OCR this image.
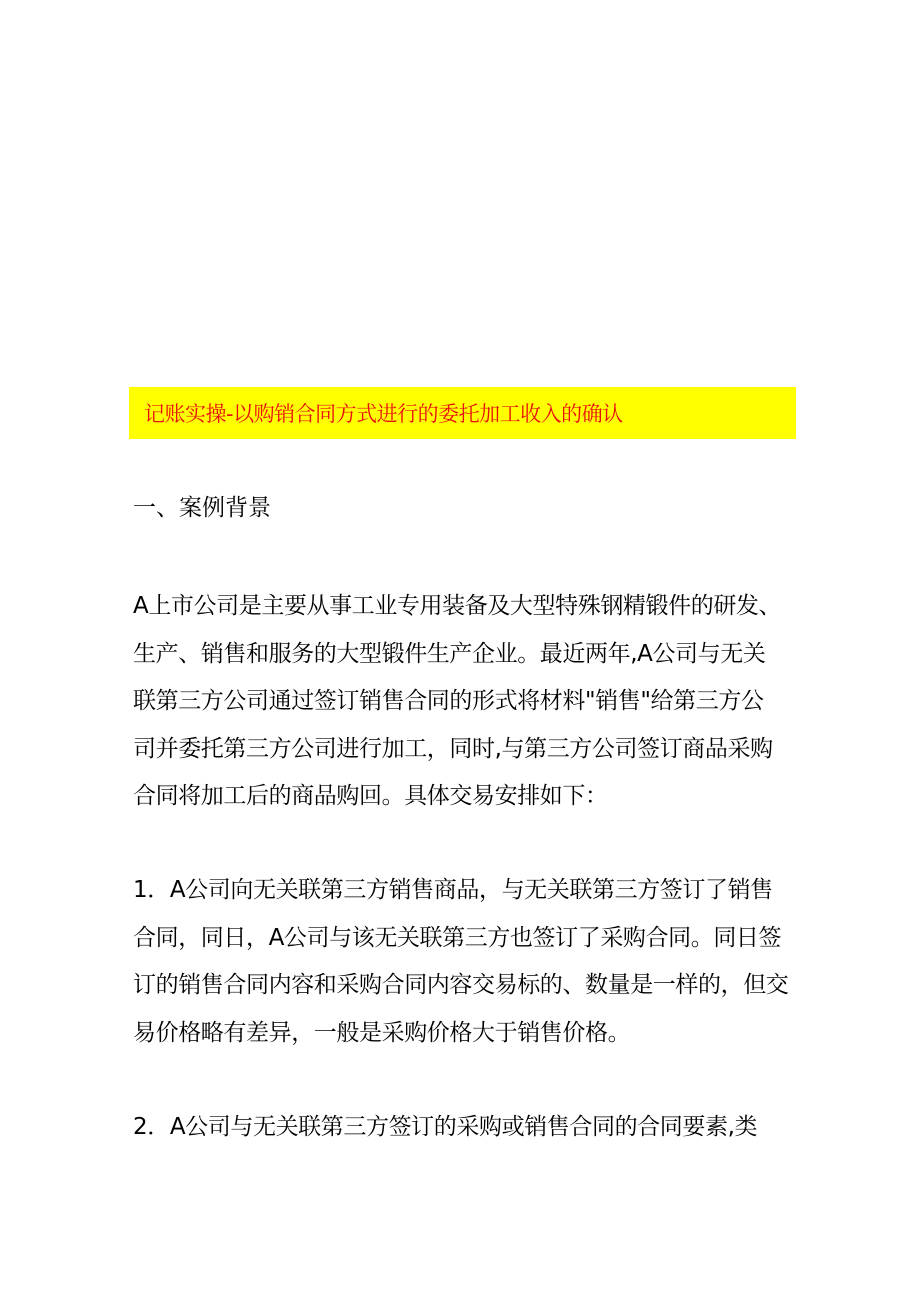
记账实操-以购销合同方式进行的委托加工收入的确认
一、案例背景
A上市公司是主要从事工业专用装备及大型特殊钢精锻件的研发、
生产、销售和服务的大型锻件生产企业。最近两年,A公司与无关
联第三方公司通过签订销售合同的形式将材料"销售"给第三方公
司并委托第三方公司进行加工，同时,与第三方公司签订商品采购
合同将加工后的商品购回。具体交易安排如下：
1．A公司向无关联第三方销售商品，与无关联第三方签订了销售
合同，同日，A公司与该无关联第三方也签订了采购合同。同日签
订的销售合同内容和采购合同内容交易标的、数量是一样的，但交
易价格略有差异，一般是采购价格大于销售价格。
2．A公司与无关联第三方签订的采购或销售合同的合同要素,类
